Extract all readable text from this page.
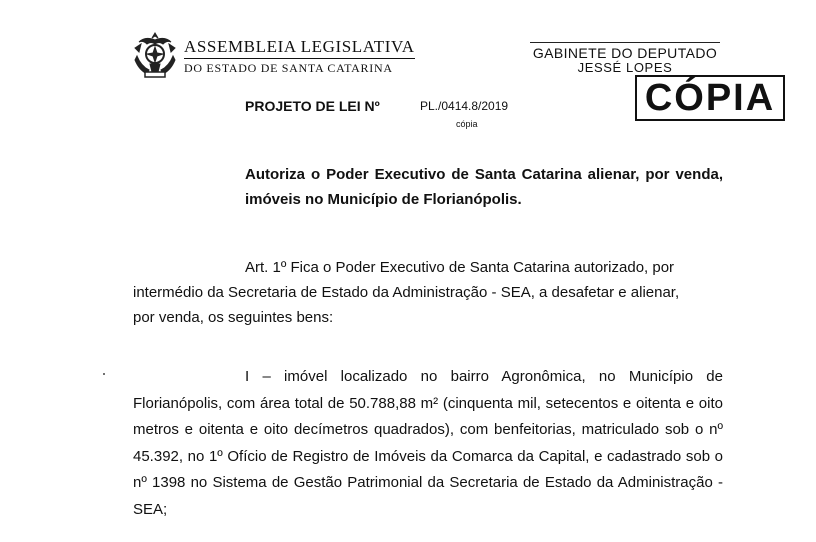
ASSEMBLEIA LEGISLATIVA
DO ESTADO DE SANTA CATARINA
GABINETE DO DEPUTADO
JESSÉ LOPES
CÓPIA
PROJETO DE LEI Nº	PL./0414.8/2019
cópia
Autoriza o Poder Executivo de Santa Catarina alienar, por venda, imóveis no Município de Florianópolis.
Art. 1º Fica o Poder Executivo de Santa Catarina autorizado, por
intermédio da Secretaria de Estado da Administração - SEA, a desafetar e alienar,
por venda, os seguintes bens:
I – imóvel localizado no bairro Agronômica, no Município de Florianópolis, com área total de 50.788,88 m² (cinquenta mil, setecentos e oitenta e oito metros e oitenta e oito decímetros quadrados), com benfeitorias, matriculado sob o nº 45.392, no 1º Ofício de Registro de Imóveis da Comarca da Capital, e cadastrado sob o nº 1398 no Sistema de Gestão Patrimonial da Secretaria de Estado da Administração - SEA;
